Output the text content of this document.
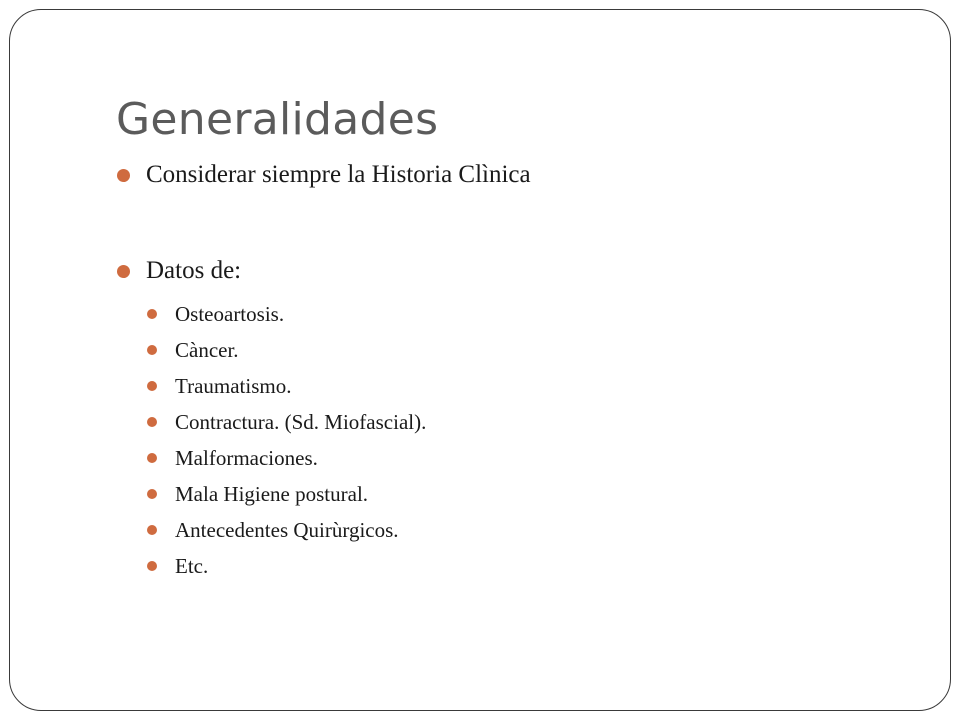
Generalidades
Considerar siempre la Historia Clìnica
Datos de:
Osteoartosis.
Càncer.
Traumatismo.
Contractura. (Sd. Miofascial).
Malformaciones.
Mala Higiene postural.
Antecedentes Quirùrgicos.
Etc.
